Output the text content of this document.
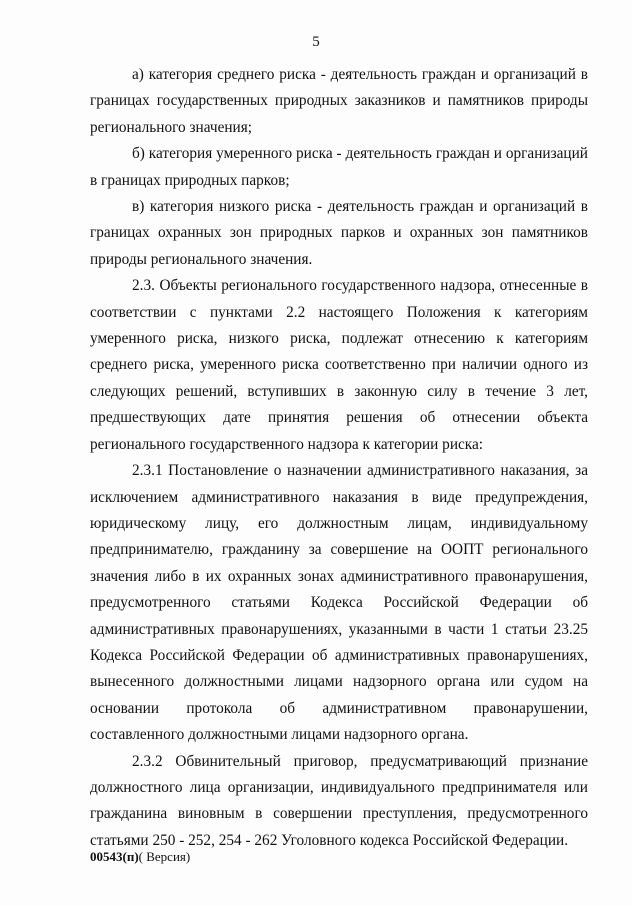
5

а) категория среднего риска - деятельность граждан и организаций в границах государственных природных заказников и памятников природы регионального значения;

б) категория умеренного риска - деятельность граждан и организаций в границах природных парков;

в) категория низкого риска - деятельность граждан и организаций в границах охранных зон природных парков и охранных зон памятников природы регионального значения.

2.3. Объекты регионального государственного надзора, отнесенные в соответствии с пунктами 2.2 настоящего Положения к категориям умеренного риска, низкого риска, подлежат отнесению к категориям среднего риска, умеренного риска соответственно при наличии одного из следующих решений, вступивших в законную силу в течение 3 лет, предшествующих дате принятия решения об отнесении объекта регионального государственного надзора к категории риска:

2.3.1 Постановление о назначении административного наказания, за исключением административного наказания в виде предупреждения, юридическому лицу, его должностным лицам, индивидуальному предпринимателю, гражданину за совершение на ООПТ регионального значения либо в их охранных зонах административного правонарушения, предусмотренного статьями Кодекса Российской Федерации об административных правонарушениях, указанными в части 1 статьи 23.25 Кодекса Российской Федерации об административных правонарушениях, вынесенного должностными лицами надзорного органа или судом на основании протокола об административном правонарушении, составленного должностными лицами надзорного органа.

2.3.2 Обвинительный приговор, предусматривающий признание должностного лица организации, индивидуального предпринимателя или гражданина виновным в совершении преступления, предусмотренного статьями 250 - 252, 254 - 262 Уголовного кодекса Российской Федерации.

00543(п)( Версия)
